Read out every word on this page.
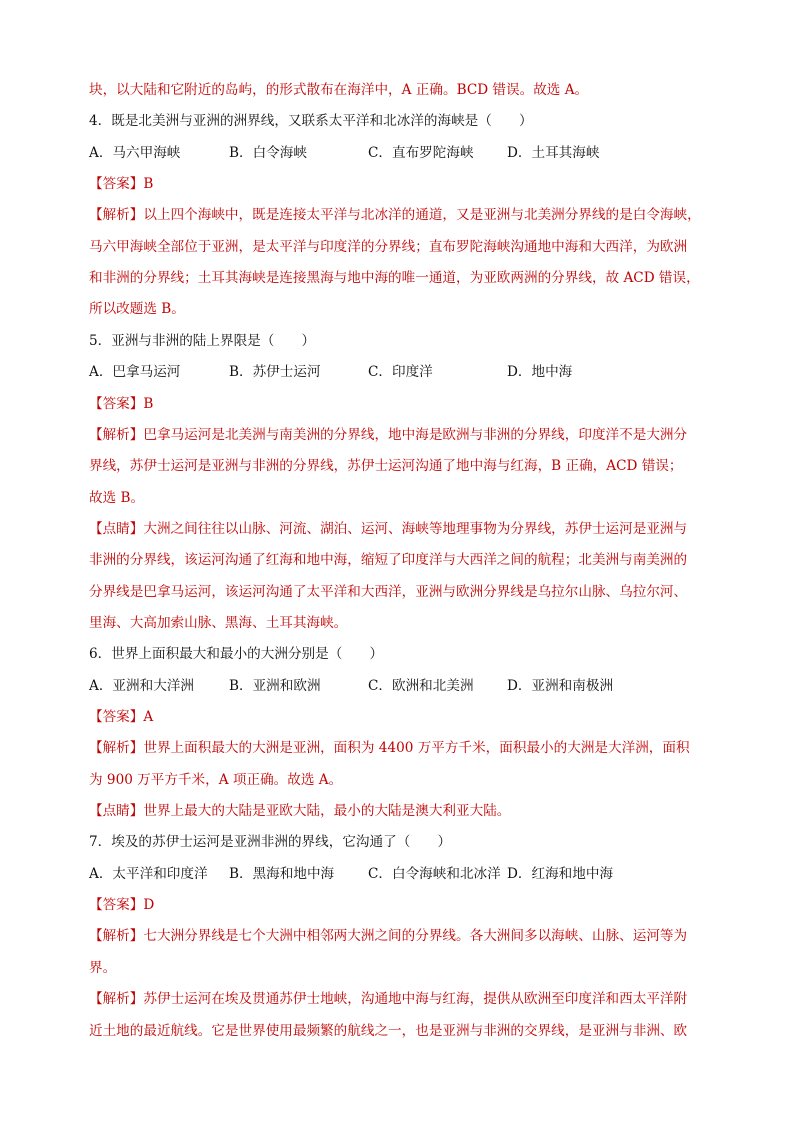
块，以大陆和它附近的岛屿，的形式散布在海洋中，A 正确。BCD 错误。故选 A。
4．既是北美洲与亚洲的洲界线，又联系太平洋和北冰洋的海峡是（　　）
A．马六甲海峡	B．白令海峡	C．直布罗陀海峡 D．土耳其海峡
【答案】B
【解析】以上四个海峡中，既是连接太平洋与北冰洋的通道，又是亚洲与北美洲分界线的是白令海峡，
马六甲海峡全部位于亚洲，是太平洋与印度洋的分界线；直布罗陀海峡沟通地中海和大西洋，为欧洲
和非洲的分界线；土耳其海峡是连接黑海与地中海的唯一通道，为亚欧两洲的分界线，故 ACD 错误，
所以改题选 B。
5．亚洲与非洲的陆上界限是（　　）
A．巴拿马运河	B．苏伊士运河	C．印度洋	D．地中海
【答案】B
【解析】巴拿马运河是北美洲与南美洲的分界线，地中海是欧洲与非洲的分界线，印度洋不是大洲分
界线，苏伊士运河是亚洲与非洲的分界线，苏伊士运河沟通了地中海与红海，B 正确，ACD 错误；
故选 B。
【点睛】大洲之间往往以山脉、河流、湖泊、运河、海峡等地理事物为分界线，苏伊士运河是亚洲与
非洲的分界线，该运河沟通了红海和地中海，缩短了印度洋与大西洋之间的航程；北美洲与南美洲的
分界线是巴拿马运河，该运河沟通了太平洋和大西洋，亚洲与欧洲分界线是乌拉尔山脉、乌拉尔河、
里海、大高加索山脉、黑海、土耳其海峡。
6．世界上面积最大和最小的大洲分别是（　　）
A．亚洲和大洋洲	B．亚洲和欧洲	C．欧洲和北美洲 D．亚洲和南极洲
【答案】A
【解析】世界上面积最大的大洲是亚洲，面积为 4400 万平方千米，面积最小的大洲是大洋洲，面积
为 900 万平方千米，A 项正确。故选 A。
【点睛】世界上最大的大陆是亚欧大陆，最小的大陆是澳大利亚大陆。
7．埃及的苏伊士运河是亚洲非洲的界线，它沟通了（　　）
A．太平洋和印度洋 B．黑海和地中海 C．白令海峡和北冰洋 D．红海和地中海
【答案】D
【解析】七大洲分界线是七个大洲中相邻两大洲之间的分界线。各大洲间多以海峡、山脉、运河等为
界。
【解析】苏伊士运河在埃及贯通苏伊士地峡，沟通地中海与红海，提供从欧洲至印度洋和西太平洋附
近土地的最近航线。它是世界使用最频繁的航线之一，也是亚洲与非洲的交界线，是亚洲与非洲、欧
